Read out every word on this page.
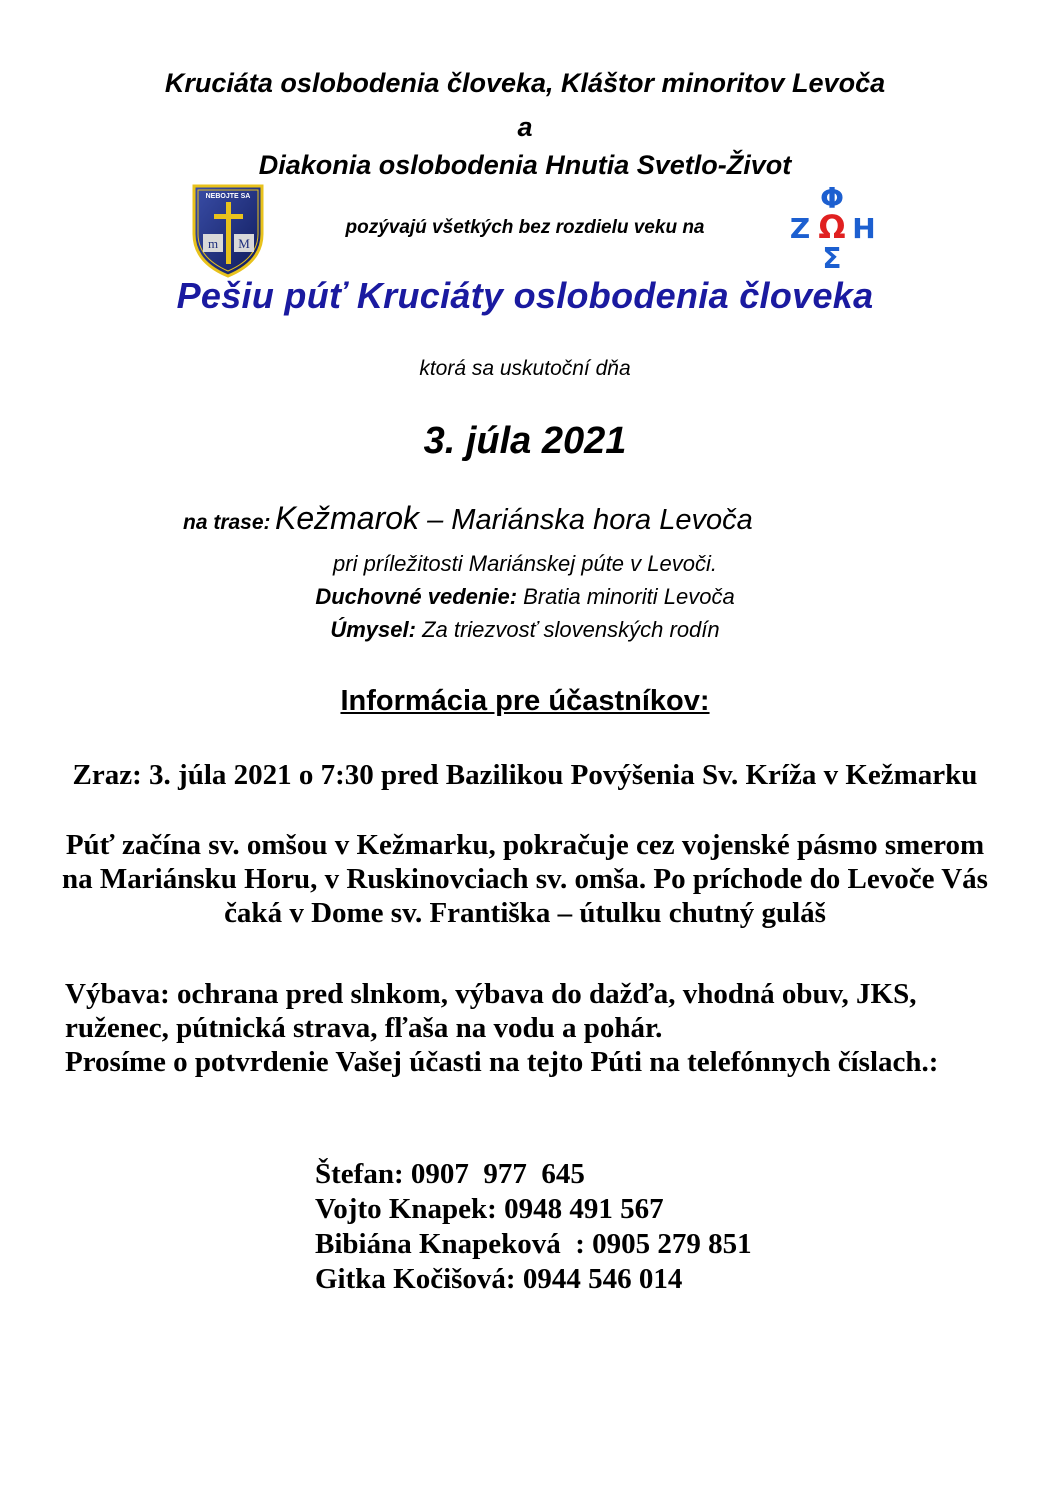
Kruciáta oslobodenia človeka, Kláštor minoritov Levoča
a
Diakonia oslobodenia Hnutia Svetlo-Život
NEBOJTE SA
m M
Φ
Z Ω H
Σ
pozývajú všetkých bez rozdielu veku na
Pešiu púť Kruciáty oslobodenia človeka
ktorá sa uskutoční dňa
3. júla 2021
na trase: Kežmarok – Mariánska hora Levoča
pri príležitosti Mariánskej púte v Levoči.
Duchovné vedenie: Bratia minoriti Levoča
Úmysel: Za triezvosť slovenských rodín
Informácia pre účastníkov:
Zraz: 3. júla 2021 o 7:30 pred Bazilikou Povýšenia Sv. Kríža v Kežmarku
Púť začína sv. omšou v Kežmarku, pokračuje cez vojenské pásmo smerom na Mariánsku Horu, v Ruskinovciach sv. omša. Po príchode do Levoče Vás čaká v Dome sv. Františka – útulku chutný guláš
Výbava: ochrana pred slnkom, výbava do dažďa, vhodná obuv, JKS, ruženec, pútnická strava, fľaša na vodu a pohár.
Prosíme o potvrdenie Vašej účasti na tejto Púti na telefónnych číslach.:
Štefan: 0907  977  645
Vojto Knapek: 0948 491 567
Bibiána Knapeková  : 0905 279 851
Gitka Kočišová: 0944 546 014
